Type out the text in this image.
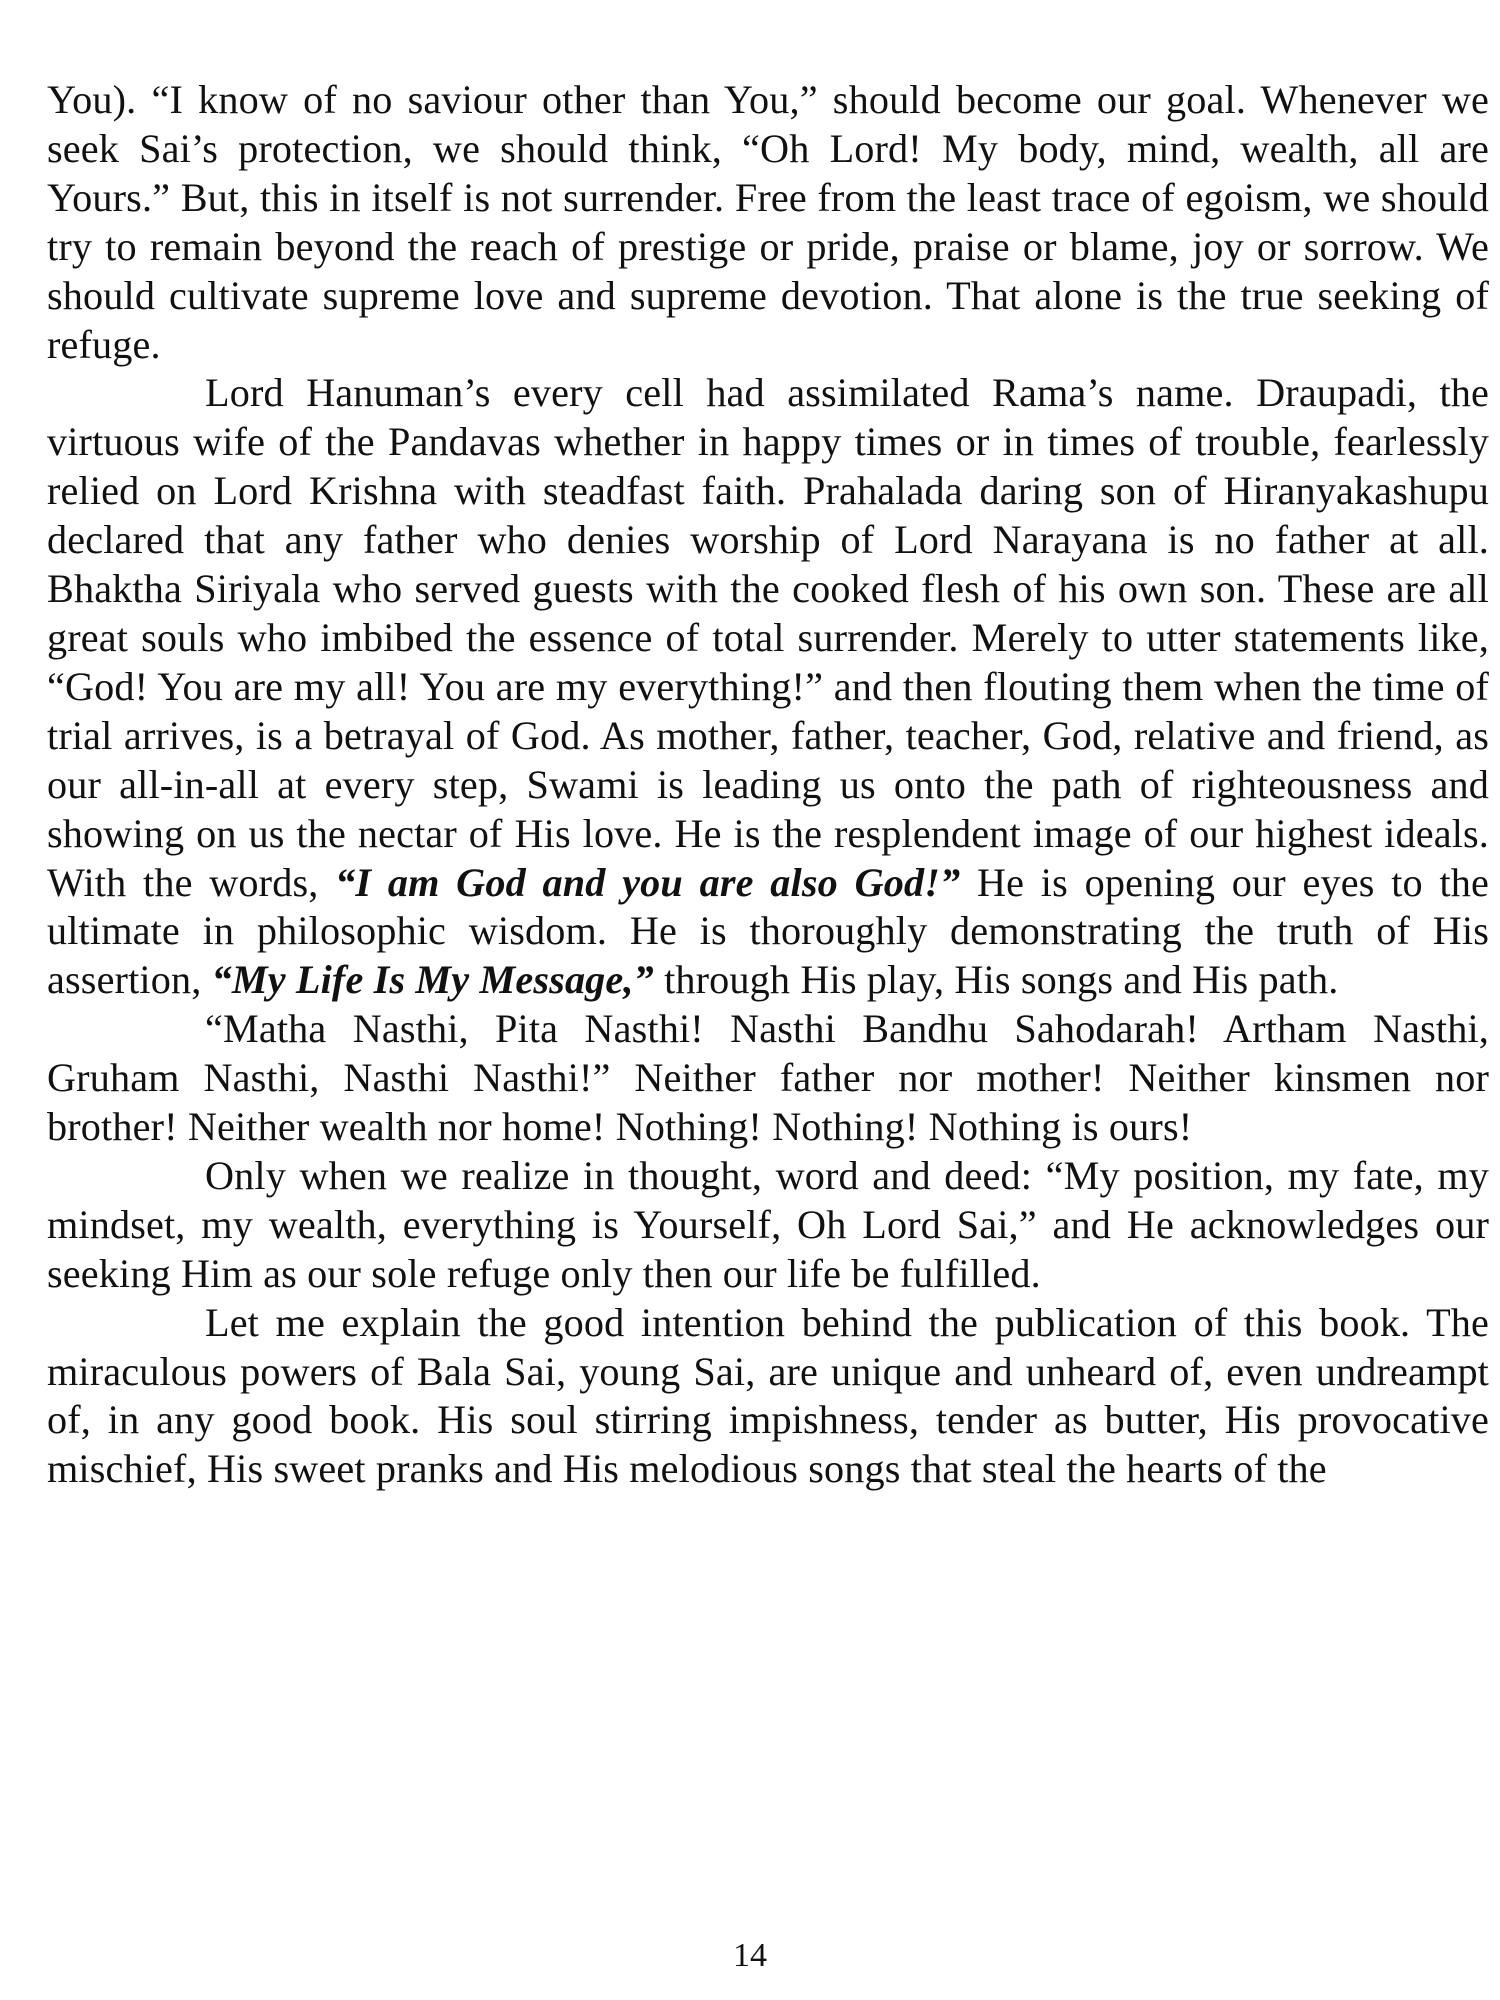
You). “I know of no saviour other than You,” should become our goal. Whenever we seek Sai’s protection, we should think, “Oh Lord! My body, mind, wealth, all are Yours.” But, this in itself is not surrender. Free from the least trace of egoism, we should try to remain beyond the reach of prestige or pride, praise or blame, joy or sorrow. We should cultivate supreme love and supreme devotion. That alone is the true seeking of refuge.

Lord Hanuman’s every cell had assimilated Rama’s name. Draupadi, the virtuous wife of the Pandavas whether in happy times or in times of trouble, fearlessly relied on Lord Krishna with steadfast faith. Prahalada daring son of Hiranyakashupu declared that any father who denies worship of Lord Narayana is no father at all. Bhaktha Siriyala who served guests with the cooked flesh of his own son. These are all great souls who imbibed the essence of total surrender. Merely to utter statements like, “God! You are my all! You are my everything!” and then flouting them when the time of trial arrives, is a betrayal of God. As mother, father, teacher, God, relative and friend, as our all-in-all at every step, Swami is leading us onto the path of righteousness and showing on us the nectar of His love. He is the resplendent image of our highest ideals. With the words, “I am God and you are also God!” He is opening our eyes to the ultimate in philosophic wisdom. He is thoroughly demonstrating the truth of His assertion, “My Life Is My Message,” through His play, His songs and His path.

“Matha Nasthi, Pita Nasthi! Nasthi Bandhu Sahodarah! Artham Nasthi, Gruham Nasthi, Nasthi Nasthi!” Neither father nor mother! Neither kinsmen nor brother! Neither wealth nor home! Nothing! Nothing! Nothing is ours!

Only when we realize in thought, word and deed: “My position, my fate, my mindset, my wealth, everything is Yourself, Oh Lord Sai,” and He acknowledges our seeking Him as our sole refuge only then our life be fulfilled.

Let me explain the good intention behind the publication of this book. The miraculous powers of Bala Sai, young Sai, are unique and unheard of, even undreampt of, in any good book. His soul stirring impishness, tender as butter, His provocative mischief, His sweet pranks and His melodious songs that steal the hearts of the

14
